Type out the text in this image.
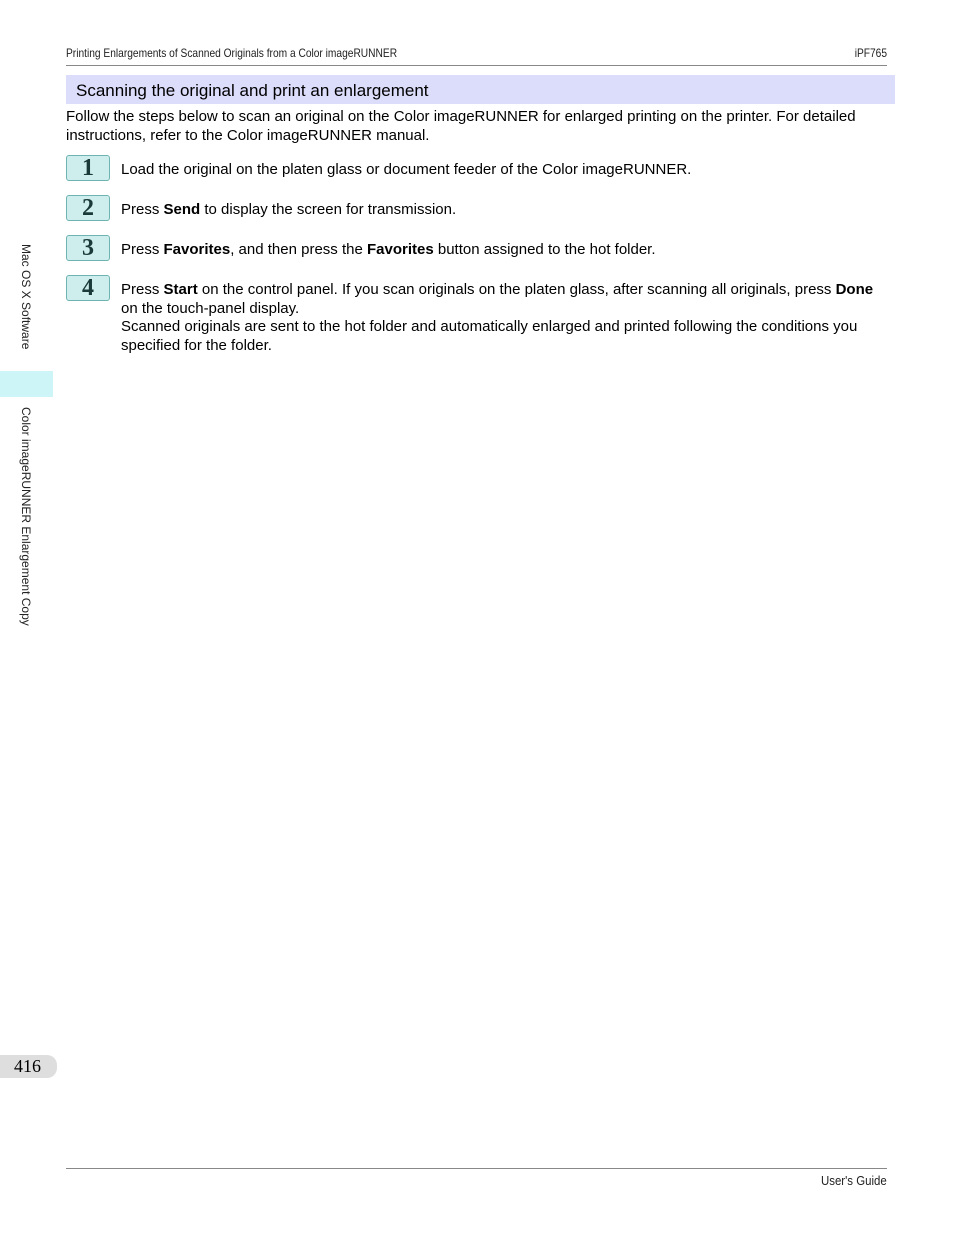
Printing Enlargements of Scanned Originals from a Color imageRUNNER	iPF765
Scanning the original and print an enlargement
Follow the steps below to scan an original on the Color imageRUNNER for enlarged printing on the printer. For detailed instructions, refer to the Color imageRUNNER manual.
1	Load the original on the platen glass or document feeder of the Color imageRUNNER.
2	Press Send to display the screen for transmission.
3	Press Favorites, and then press the Favorites button assigned to the hot folder.
4	Press Start on the control panel. If you scan originals on the platen glass, after scanning all originals, press Done on the touch-panel display.
Scanned originals are sent to the hot folder and automatically enlarged and printed following the conditions you specified for the folder.
Mac OS X Software
Color imageRUNNER Enlargement Copy
416
User's Guide
